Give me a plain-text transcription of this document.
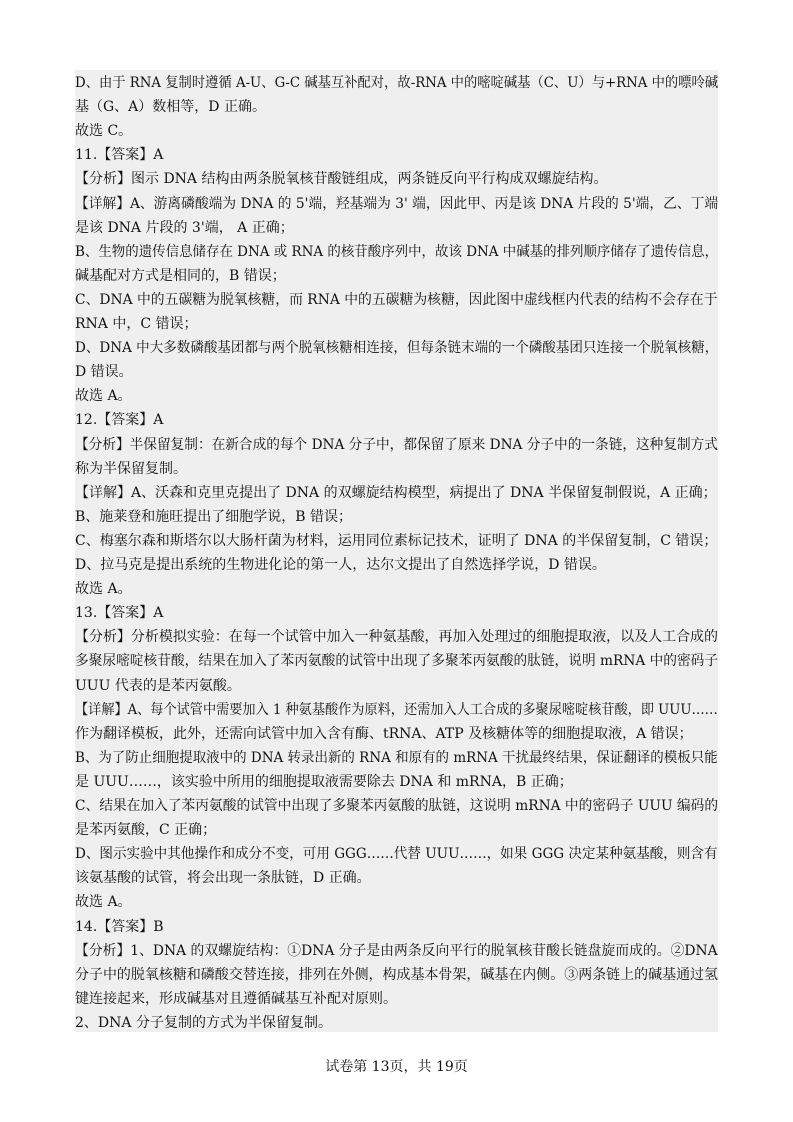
D、由于 RNA 复制时遵循 A-U、G-C 碱基互补配对，故-RNA 中的嘧啶碱基（C、U）与+RNA 中的嘌呤碱
基（G、A）数相等，D 正确。
故选 C。
11.【答案】A
【分析】图示 DNA 结构由两条脱氧核苷酸链组成，两条链反向平行构成双螺旋结构。
【详解】A、游离磷酸端为 DNA 的 5'端，羟基端为 3' 端，因此甲、丙是该 DNA 片段的 5'端，乙、丁端
是该 DNA 片段的 3'端， A 正确；
B、生物的遗传信息储存在 DNA 或 RNA 的核苷酸序列中，故该 DNA 中碱基的排列顺序储存了遗传信息，
碱基配对方式是相同的，B 错误；
C、DNA 中的五碳糖为脱氧核糖，而 RNA 中的五碳糖为核糖，因此图中虚线框内代表的结构不会存在于
RNA 中，C 错误；
D、DNA 中大多数磷酸基团都与两个脱氧核糖相连接，但每条链末端的一个磷酸基团只连接一个脱氧核糖，
D 错误。
故选 A。
12.【答案】A
【分析】半保留复制：在新合成的每个 DNA 分子中，都保留了原来 DNA 分子中的一条链，这种复制方式
称为半保留复制。
【详解】A、沃森和克里克提出了 DNA 的双螺旋结构模型，病提出了 DNA 半保留复制假说，A 正确；
B、施莱登和施旺提出了细胞学说，B 错误；
C、梅塞尔森和斯塔尔以大肠杆菌为材料，运用同位素标记技术，证明了 DNA 的半保留复制，C 错误；
D、拉马克是提出系统的生物进化论的第一人，达尔文提出了自然选择学说，D 错误。
故选 A。
13.【答案】A
【分析】分析模拟实验：在每一个试管中加入一种氨基酸，再加入处理过的细胞提取液，以及人工合成的
多聚尿嘧啶核苷酸，结果在加入了苯丙氨酸的试管中出现了多聚苯丙氨酸的肽链，说明 mRNA 中的密码子
UUU 代表的是苯丙氨酸。
【详解】A、每个试管中需要加入 1 种氨基酸作为原料，还需加入人工合成的多聚尿嘧啶核苷酸，即 UUU……
作为翻译模板，此外，还需向试管中加入含有酶、tRNA、ATP 及核糖体等的细胞提取液，A 错误；
B、为了防止细胞提取液中的 DNA 转录出新的 RNA 和原有的 mRNA 干扰最终结果，保证翻译的模板只能
是 UUU……，该实验中所用的细胞提取液需要除去 DNA 和 mRNA，B 正确；
C、结果在加入了苯丙氨酸的试管中出现了多聚苯丙氨酸的肽链，这说明 mRNA 中的密码子 UUU 编码的
是苯丙氨酸，C 正确；
D、图示实验中其他操作和成分不变，可用 GGG……代替 UUU……，如果 GGG 决定某种氨基酸，则含有
该氨基酸的试管，将会出现一条肽链，D 正确。
故选 A。
14.【答案】B
【分析】1、DNA 的双螺旋结构：①DNA 分子是由两条反向平行的脱氧核苷酸长链盘旋而成的。②DNA
分子中的脱氧核糖和磷酸交替连接，排列在外侧，构成基本骨架，碱基在内侧。③两条链上的碱基通过氢
键连接起来，形成碱基对且遵循碱基互补配对原则。
2、DNA 分子复制的方式为半保留复制。
试卷第 13页，共 19页
